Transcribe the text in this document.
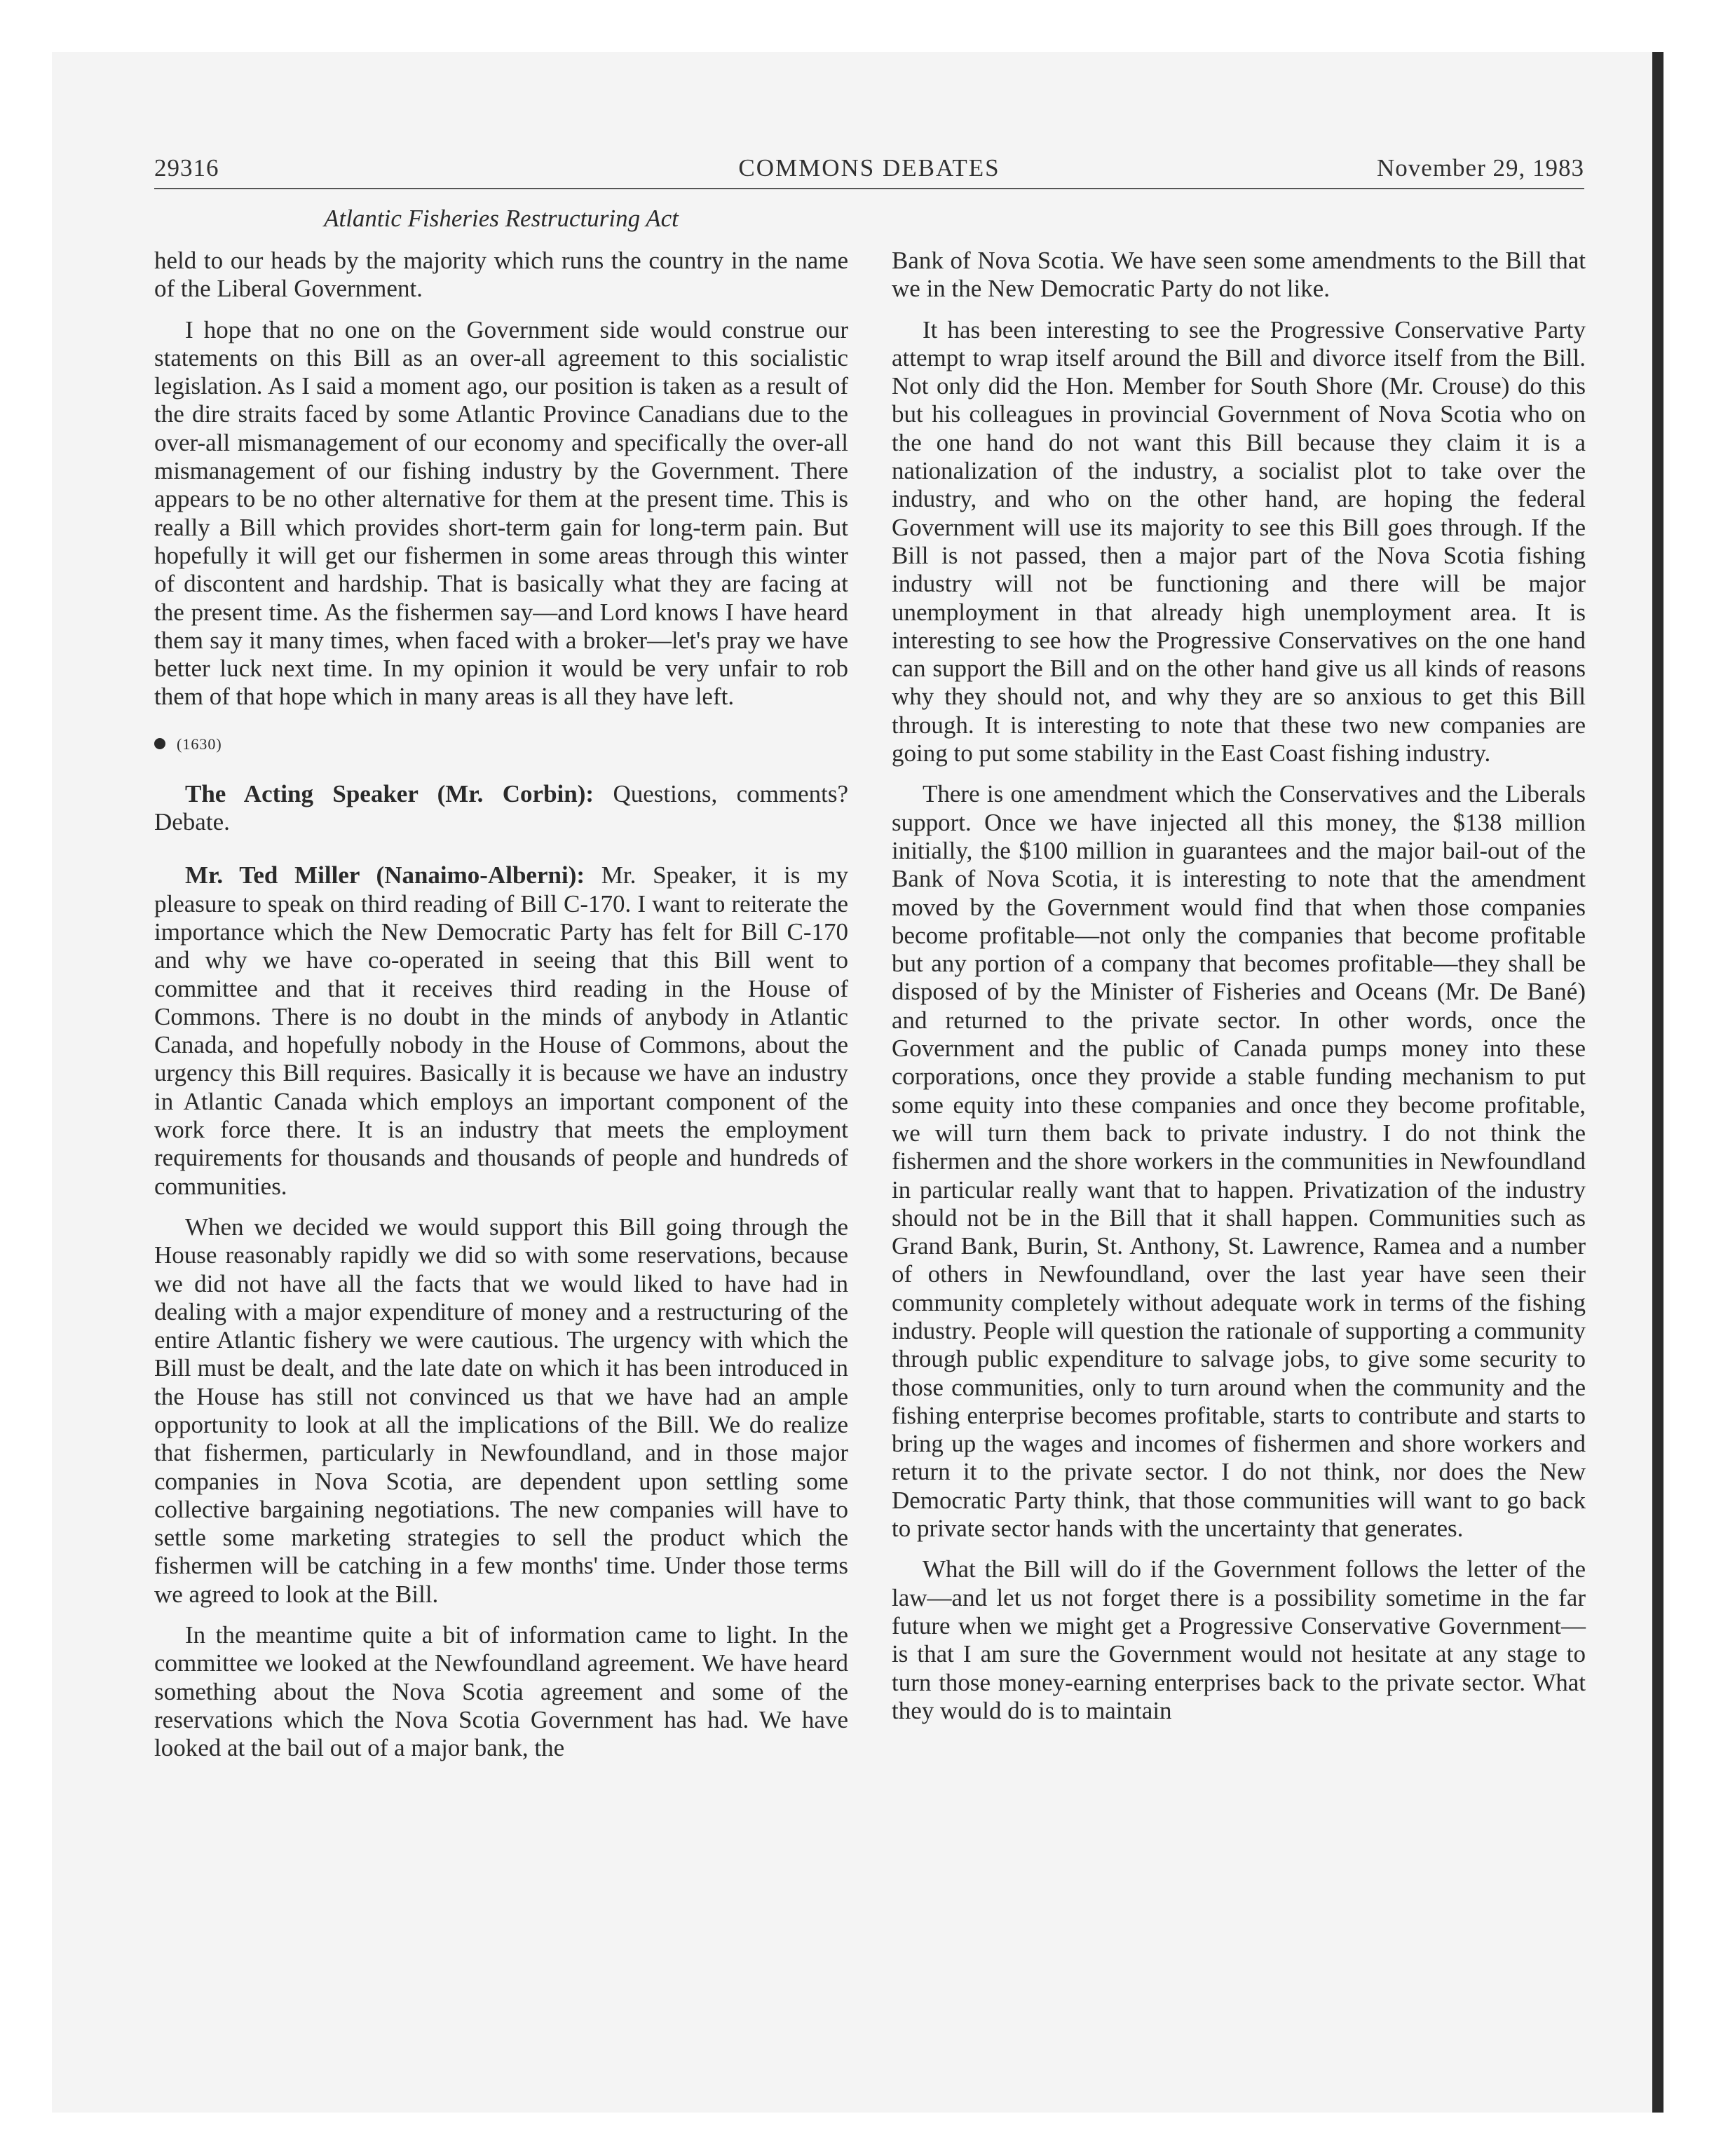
29316	COMMONS DEBATES	November 29, 1983
Atlantic Fisheries Restructuring Act

held to our heads by the majority which runs the country in the name of the Liberal Government.

I hope that no one on the Government side would construe our statements on this Bill as an over-all agreement to this socialistic legislation. As I said a moment ago, our position is taken as a result of the dire straits faced by some Atlantic Province Canadians due to the over-all mismanagement of our economy and specifically the over-all mismanagement of our fishing industry by the Government. There appears to be no other alternative for them at the present time. This is really a Bill which provides short-term gain for long-term pain. But hopefully it will get our fishermen in some areas through this winter of discontent and hardship. That is basically what they are facing at the present time. As the fishermen say—and Lord knows I have heard them say it many times, when faced with a broker—let's pray we have better luck next time. In my opinion it would be very unfair to rob them of that hope which in many areas is all they have left.

(1630)

The Acting Speaker (Mr. Corbin): Questions, comments? Debate.

Mr. Ted Miller (Nanaimo-Alberni): Mr. Speaker, it is my pleasure to speak on third reading of Bill C-170. I want to reiterate the importance which the New Democratic Party has felt for Bill C-170 and why we have co-operated in seeing that this Bill went to committee and that it receives third reading in the House of Commons. There is no doubt in the minds of anybody in Atlantic Canada, and hopefully nobody in the House of Commons, about the urgency this Bill requires. Basically it is because we have an industry in Atlantic Canada which employs an important component of the work force there. It is an industry that meets the employment requirements for thousands and thousands of people and hundreds of communities.

When we decided we would support this Bill going through the House reasonably rapidly we did so with some reservations, because we did not have all the facts that we would liked to have had in dealing with a major expenditure of money and a restructuring of the entire Atlantic fishery we were cautious. The urgency with which the Bill must be dealt, and the late date on which it has been introduced in the House has still not convinced us that we have had an ample opportunity to look at all the implications of the Bill. We do realize that fishermen, particularly in Newfoundland, and in those major companies in Nova Scotia, are dependent upon settling some collective bargaining negotiations. The new companies will have to settle some marketing strategies to sell the product which the fishermen will be catching in a few months' time. Under those terms we agreed to look at the Bill.

In the meantime quite a bit of information came to light. In the committee we looked at the Newfoundland agreement. We have heard something about the Nova Scotia agreement and some of the reservations which the Nova Scotia Government has had. We have looked at the bail out of a major bank, the

Bank of Nova Scotia. We have seen some amendments to the Bill that we in the New Democratic Party do not like.

It has been interesting to see the Progressive Conservative Party attempt to wrap itself around the Bill and divorce itself from the Bill. Not only did the Hon. Member for South Shore (Mr. Crouse) do this but his colleagues in provincial Government of Nova Scotia who on the one hand do not want this Bill because they claim it is a nationalization of the industry, a socialist plot to take over the industry, and who on the other hand, are hoping the federal Government will use its majority to see this Bill goes through. If the Bill is not passed, then a major part of the Nova Scotia fishing industry will not be functioning and there will be major unemployment in that already high unemployment area. It is interesting to see how the Progressive Conservatives on the one hand can support the Bill and on the other hand give us all kinds of reasons why they should not, and why they are so anxious to get this Bill through. It is interesting to note that these two new companies are going to put some stability in the East Coast fishing industry.

There is one amendment which the Conservatives and the Liberals support. Once we have injected all this money, the $138 million initially, the $100 million in guarantees and the major bail-out of the Bank of Nova Scotia, it is interesting to note that the amendment moved by the Government would find that when those companies become profitable—not only the companies that become profitable but any portion of a company that becomes profitable—they shall be disposed of by the Minister of Fisheries and Oceans (Mr. De Bané) and returned to the private sector. In other words, once the Government and the public of Canada pumps money into these corporations, once they provide a stable funding mechanism to put some equity into these companies and once they become profitable, we will turn them back to private industry. I do not think the fishermen and the shore workers in the communities in Newfoundland in particular really want that to happen. Privatization of the industry should not be in the Bill that it shall happen. Communities such as Grand Bank, Burin, St. Anthony, St. Lawrence, Ramea and a number of others in Newfoundland, over the last year have seen their community completely without adequate work in terms of the fishing industry. People will question the rationale of supporting a community through public expenditure to salvage jobs, to give some security to those communities, only to turn around when the community and the fishing enterprise becomes profitable, starts to contribute and starts to bring up the wages and incomes of fishermen and shore workers and return it to the private sector. I do not think, nor does the New Democratic Party think, that those communities will want to go back to private sector hands with the uncertainty that generates.

What the Bill will do if the Government follows the letter of the law—and let us not forget there is a possibility sometime in the far future when we might get a Progressive Conservative Government—is that I am sure the Government would not hesitate at any stage to turn those money-earning enterprises back to the private sector. What they would do is to maintain
